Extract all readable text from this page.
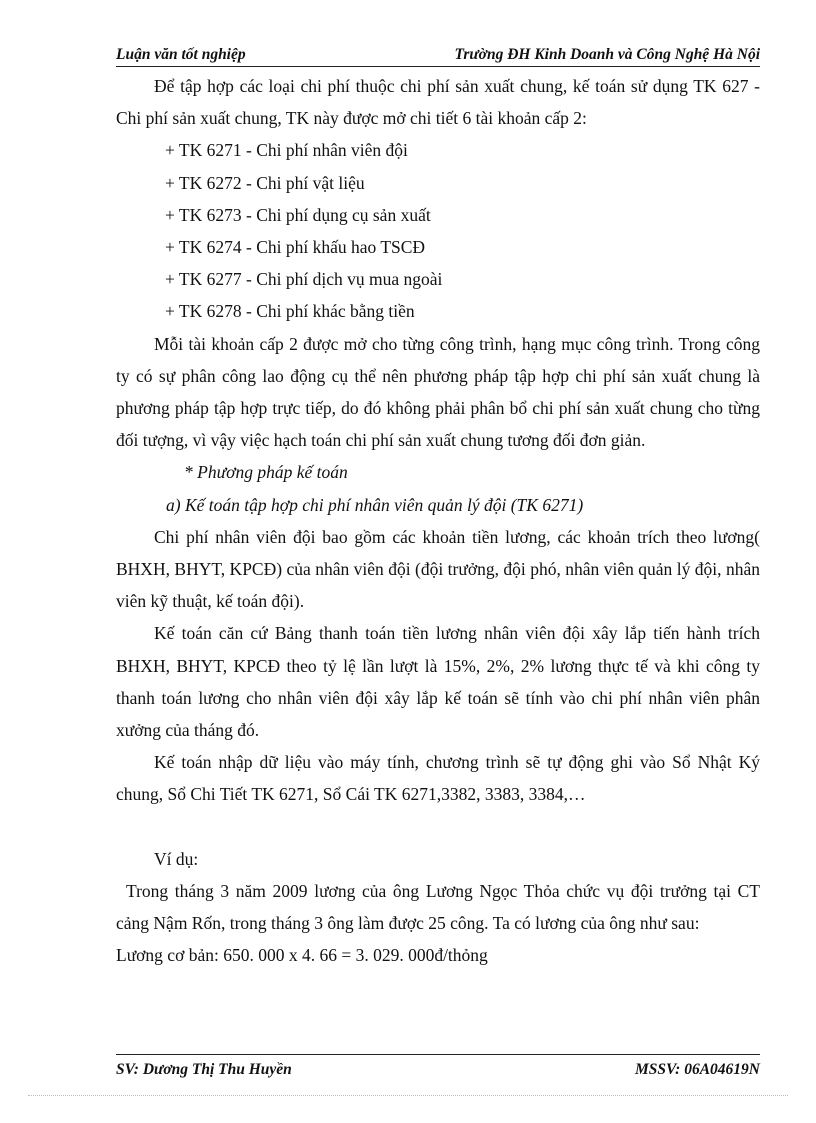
Luận văn tốt nghiệp	Trường ĐH Kinh Doanh và Công Nghệ Hà Nội

Để tập hợp các loại chi phí thuộc chi phí sản xuất chung, kế toán sử dụng TK 627 - Chi phí sản xuất chung, TK này được mở chi tiết 6 tài khoản cấp 2:

+ TK 6271 - Chi phí nhân viên đội

+ TK 6272 - Chi phí vật liệu

+ TK 6273 - Chi phí dụng cụ sản xuất

+ TK 6274 - Chi phí khấu hao TSCĐ

+ TK 6277 - Chi phí dịch vụ mua ngoài

+ TK 6278 - Chi phí khác bằng tiền

Mỗi tài khoản cấp 2 được mở cho từng công trình, hạng mục công trình. Trong công ty có sự phân công lao động cụ thể nên phương pháp tập hợp chi phí sản xuất chung là phương pháp tập hợp trực tiếp, do đó không phải phân bổ chi phí sản xuất chung cho từng đối tượng, vì vậy việc hạch toán chi phí sản xuất chung tương đối đơn giản.

* Phương pháp kế toán

a) Kế toán tập hợp chi phí nhân viên quản lý đội (TK 6271)

Chi phí nhân viên đội bao gồm các khoản tiền lương, các khoản trích theo lương( BHXH, BHYT, KPCĐ) của nhân viên đội (đội trưởng, đội phó, nhân viên quản lý đội, nhân viên kỹ thuật, kế toán đội).

Kế toán căn cứ Bảng thanh toán tiền lương nhân viên đội xây lắp tiến hành trích BHXH, BHYT, KPCĐ theo tỷ lệ lần lượt là 15%, 2%, 2% lương thực tế và khi công ty thanh toán lương cho nhân viên đội xây lắp kế toán sẽ tính vào chi phí nhân viên phân xưởng của tháng đó.

Kế toán nhập dữ liệu vào máy tính, chương trình sẽ tự động ghi vào Sổ Nhật Ký chung, Sổ Chi Tiết TK 6271, Sổ Cái TK 6271,3382, 3383, 3384,…

Ví dụ:

Trong tháng 3 năm 2009 lương của ông Lương Ngọc Thỏa chức vụ đội trưởng tại CT cảng Nậm Rốn, trong tháng 3 ông làm được 25 công. Ta có lương của ông như sau:

Lương cơ bản: 650. 000 x 4. 66 = 3. 029. 000đ/thỏng

SV: Dương Thị Thu Huyền	MSSV: 06A04619N
